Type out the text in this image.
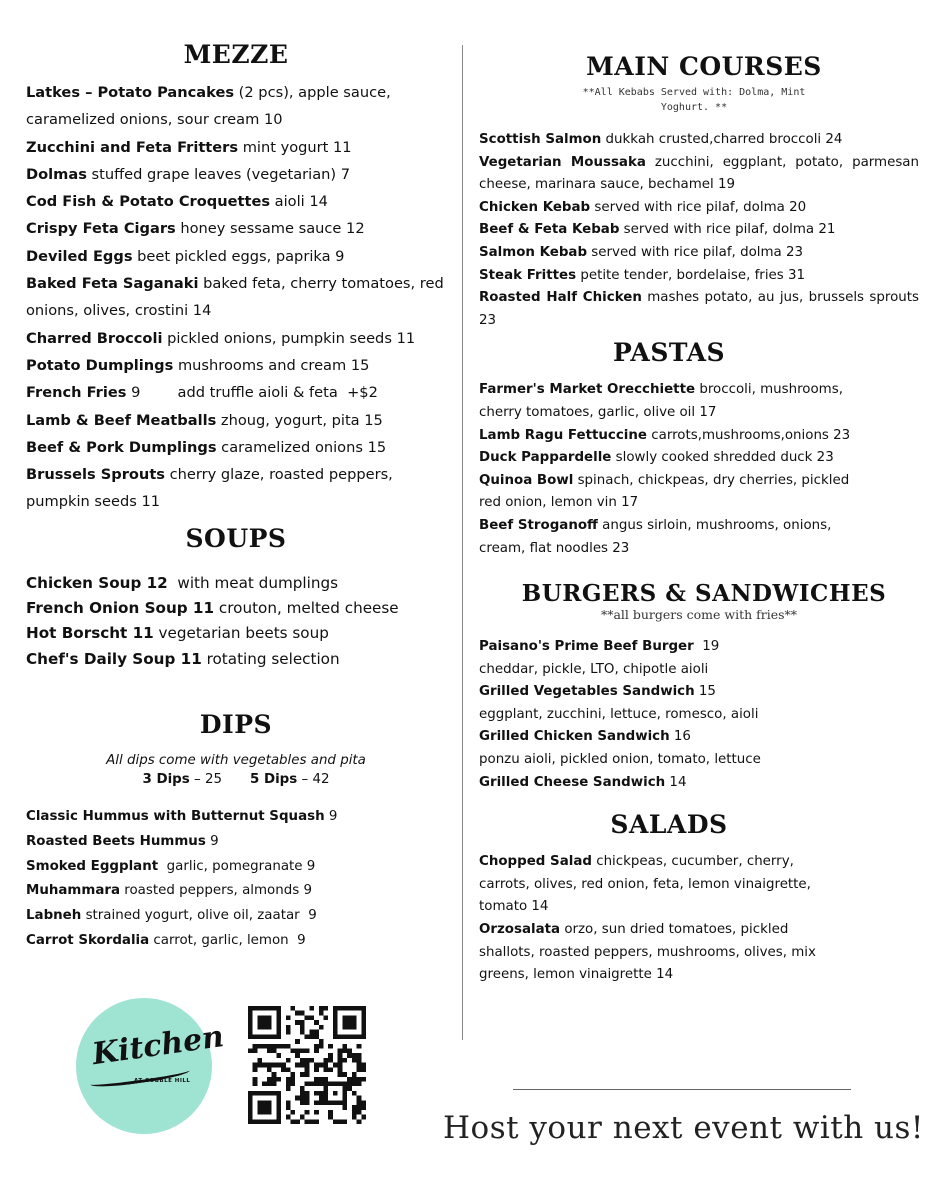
MEZZE

Latkes – Potato Pancakes (2 pcs), apple sauce, caramelized onions, sour cream 10

Zucchini and Feta Fritters mint yogurt 11

Dolmas stuffed grape leaves (vegetarian) 7

Cod Fish & Potato Croquettes aioli 14

Crispy Feta Cigars honey sessame sauce 12

Deviled Eggs beet pickled eggs, paprika 9

Baked Feta Saganaki baked feta, cherry tomatoes, red onions, olives, crostini 14

Charred Broccoli pickled onions, pumpkin seeds 11

Potato Dumplings mushrooms and cream 15

French Fries 9        add truffle aioli & feta  +$2

Lamb & Beef Meatballs zhoug, yogurt, pita 15

Beef & Pork Dumplings caramelized onions 15

Brussels Sprouts cherry glaze, roasted peppers, pumpkin seeds 11

SOUPS

Chicken Soup 12  with meat dumplings

French Onion Soup 11 crouton, melted cheese

Hot Borscht 11 vegetarian beets soup

Chef's Daily Soup 11 rotating selection

DIPS
All dips come with vegetables and pita
3 Dips – 25 5 Dips – 42

Classic Hummus with Butternut Squash 9

Roasted Beets Hummus 9

Smoked Eggplant  garlic, pomegranate 9

Muhammara roasted peppers, almonds 9

Labneh strained yogurt, olive oil, zaatar  9

Carrot Skordalia carrot, garlic, lemon  9

MAIN COURSES
**All Kebabs Served with: Dolma, Mint Yoghurt. **

Scottish Salmon dukkah crusted,charred broccoli 24

Vegetarian Moussaka zucchini, eggplant, potato, parmesan cheese, marinara sauce, bechamel 19

Chicken Kebab served with rice pilaf, dolma 20

Beef & Feta Kebab served with rice pilaf, dolma 21

Salmon Kebab served with rice pilaf, dolma 23

Steak Frittes petite tender, bordelaise, fries 31

Roasted Half Chicken mashes potato, au jus, brussels sprouts 23

PASTAS

Farmer's Market Orecchiette broccoli, mushrooms, cherry tomatoes, garlic, olive oil 17

Lamb Ragu Fettuccine carrots,mushrooms,onions 23

Duck Pappardelle slowly cooked shredded duck 23

Quinoa Bowl spinach, chickpeas, dry cherries, pickled red onion, lemon vin 17

Beef Stroganoff angus sirloin, mushrooms, onions, cream, flat noodles 23

BURGERS & SANDWICHES
**all burgers come with fries**

Paisano's Prime Beef Burger  19

cheddar, pickle, LTO, chipotle aioli

Grilled Vegetables Sandwich 15

eggplant, zucchini, lettuce, romesco, aioli

Grilled Chicken Sandwich 16

ponzu aioli, pickled onion, tomato, lettuce

Grilled Cheese Sandwich 14

SALADS

Chopped Salad chickpeas, cucumber, cherry, carrots, olives, red onion, feta, lemon vinaigrette, tomato 14

Orzosalata orzo, sun dried tomatoes, pickled shallots, roasted peppers, mushrooms, olives, mix greens, lemon vinaigrette 14

Kitchen
AT COBBLE HILL
Host your next event with us!
